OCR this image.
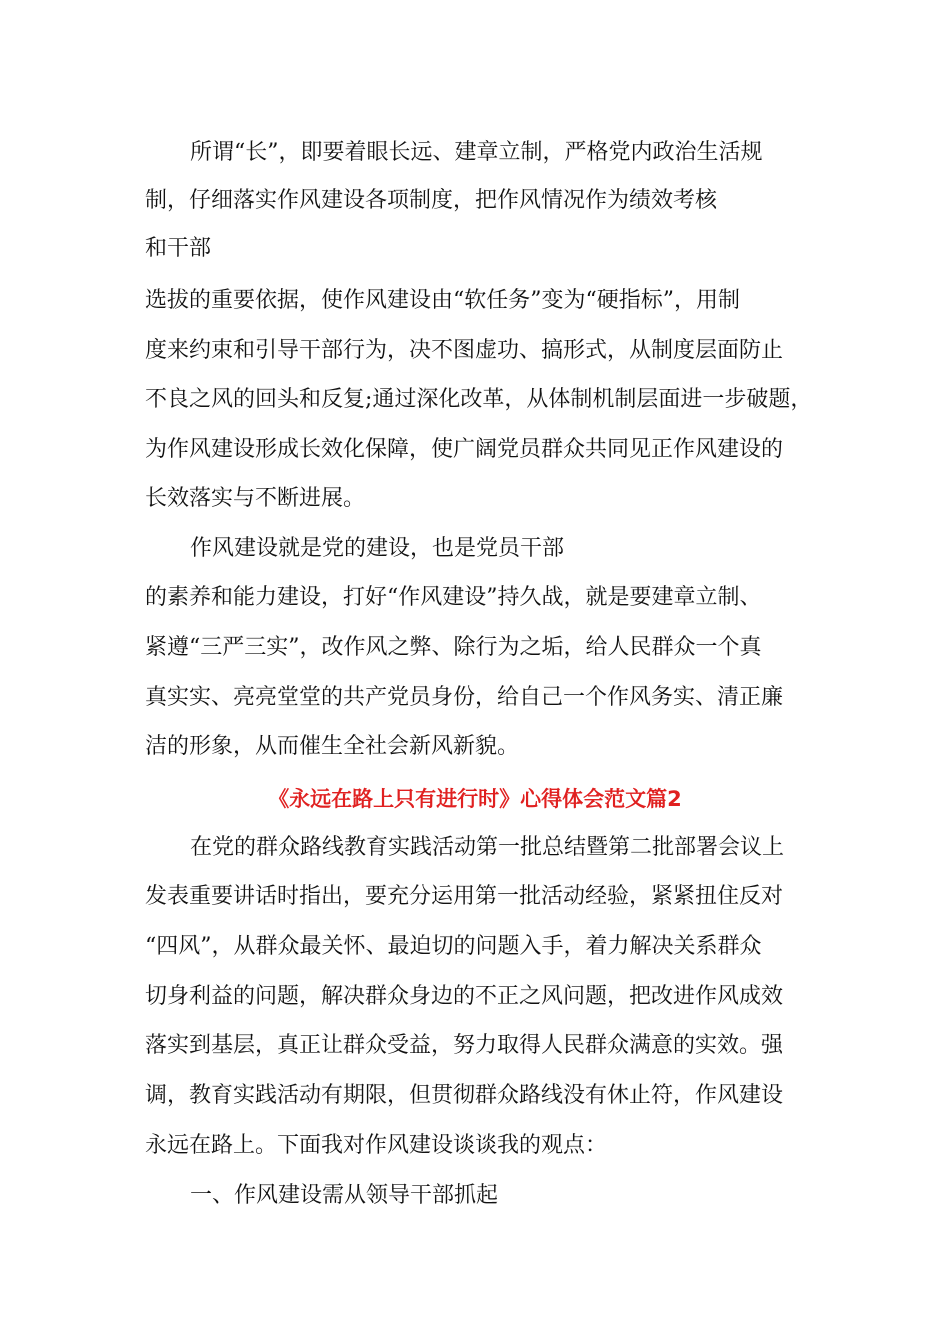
所谓“长”，即要着眼长远、建章立制，严格党内政治生活规
制，仔细落实作风建设各项制度，把作风情况作为绩效考核
和干部
选拔的重要依据，使作风建设由“软任务”变为“硬指标”，用制
度来约束和引导干部行为，决不图虚功、搞形式，从制度层面防止
不良之风的回头和反复;通过深化改革，从体制机制层面进一步破题，
为作风建设形成长效化保障，使广阔党员群众共同见正作风建设的
长效落实与不断进展。
作风建设就是党的建设，也是党员干部
的素养和能力建设，打好“作风建设”持久战，就是要建章立制、
紧遵“三严三实”，改作风之弊、除行为之垢，给人民群众一个真
真实实、亮亮堂堂的共产党员身份，给自己一个作风务实、清正廉
洁的形象，从而催生全社会新风新貌。
《永远在路上只有进行时》心得体会范文篇2
在党的群众路线教育实践活动第一批总结暨第二批部署会议上
发表重要讲话时指出，要充分运用第一批活动经验，紧紧扭住反对
“四风”，从群众最关怀、最迫切的问题入手，着力解决关系群众
切身利益的问题，解决群众身边的不正之风问题，把改进作风成效
落实到基层，真正让群众受益，努力取得人民群众满意的实效。强
调，教育实践活动有期限，但贯彻群众路线没有休止符，作风建设
永远在路上。下面我对作风建设谈谈我的观点：
一、作风建设需从领导干部抓起
